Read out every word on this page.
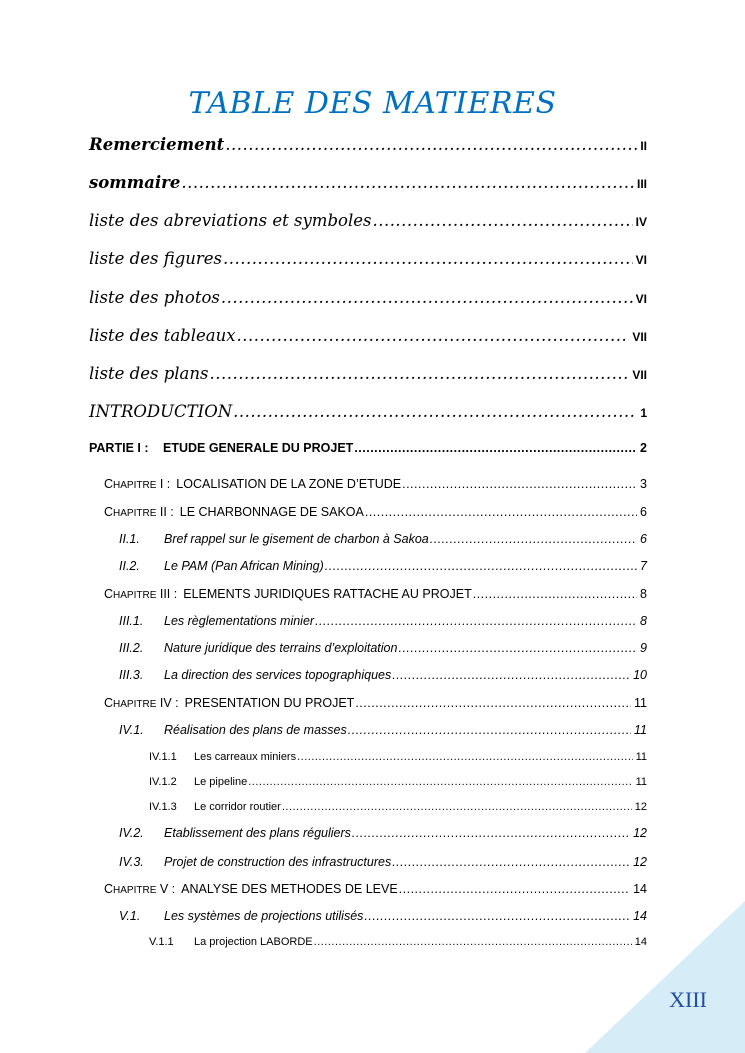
TABLE DES MATIERES
Remerciement .....	II
sommaire .....	III
liste des abreviations et symboles .....	IV
liste des figures .....	VI
liste des photos .....	VI
liste des tableaux .....	VII
liste des plans .....	VII
INTRODUCTION .....	1
PARTIE I :	ETUDE GENERALE DU PROJET .....	2
CHAPITRE I : LOCALISATION DE LA ZONE D’ETUDE .....	3
CHAPITRE II : LE CHARBONNAGE DE SAKOA .....	6
II.1.	Bref rappel sur le gisement de charbon à Sakoa .....	6
II.2.	Le PAM (Pan African Mining) .....	7
CHAPITRE III : ELEMENTS JURIDIQUES RATTACHE AU PROJET .....	8
III.1.	Les règlementations minier .....	8
III.2.	Nature juridique des terrains d’exploitation .....	9
III.3.	La direction des services topographiques .....	10
CHAPITRE IV : PRESENTATION DU PROJET .....	11
IV.1.	Réalisation des plans de masses .....	11
IV.1.1	Les carreaux miniers .....	11
IV.1.2	Le pipeline .....	11
IV.1.3	Le corridor routier .....	12
IV.2.	Etablissement des plans réguliers .....	12
IV.3.	Projet de construction des infrastructures .....	12
CHAPITRE V : ANALYSE DES METHODES DE LEVE .....	14
V.1.	Les systèmes de projections utilisés .....	14
V.1.1	La projection LABORDE .....	14
XIII
